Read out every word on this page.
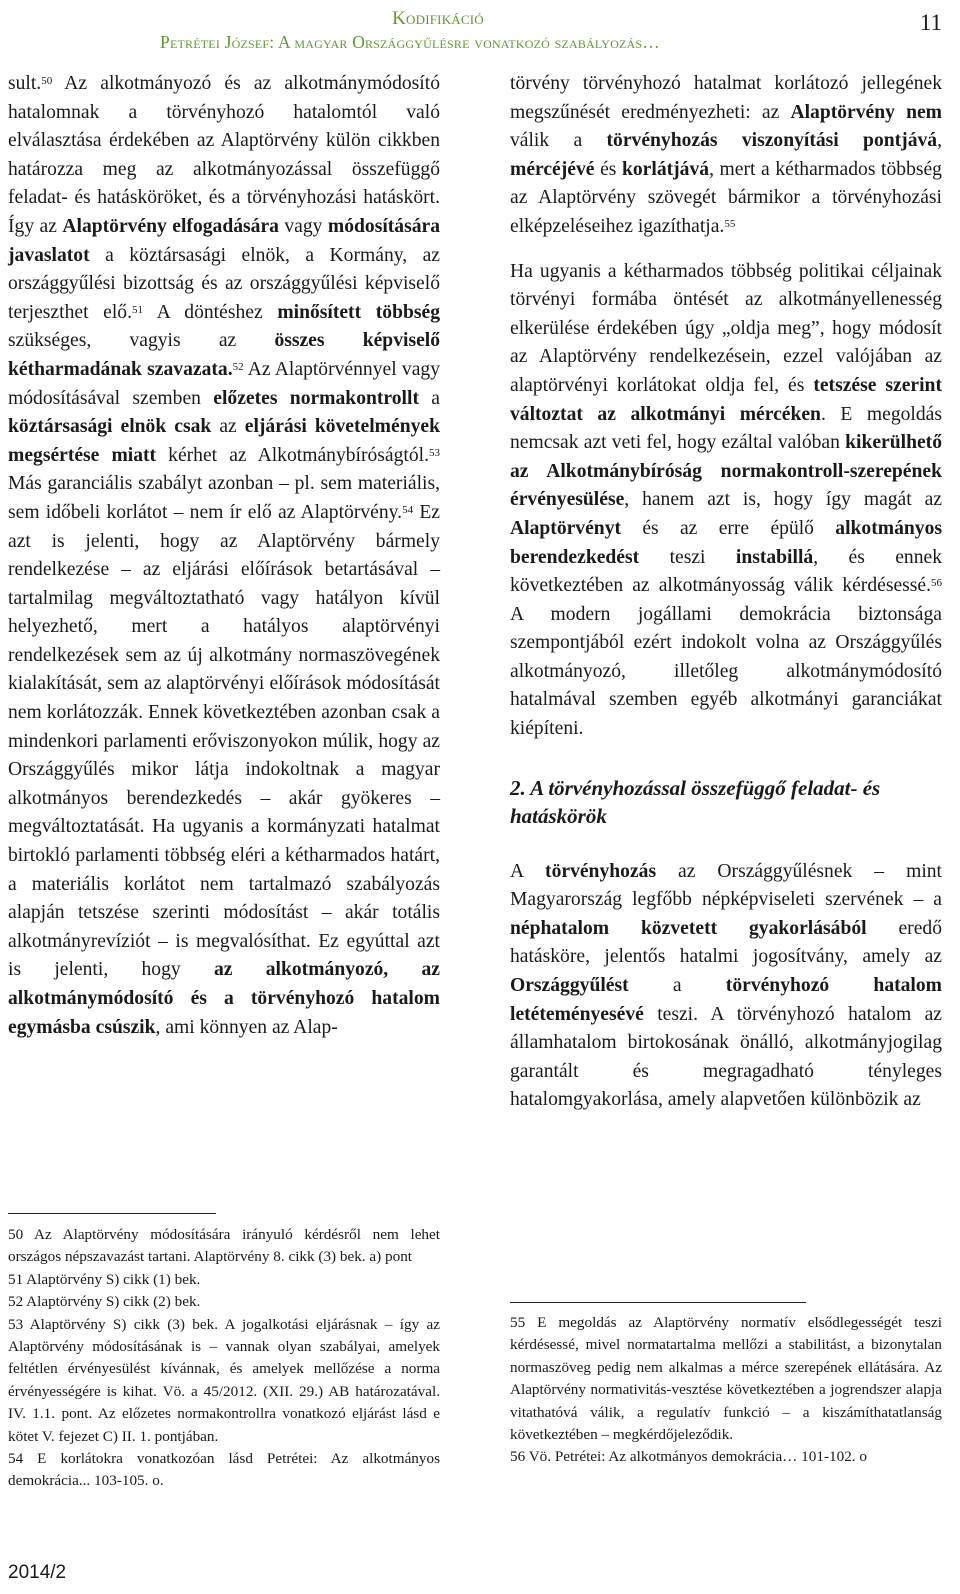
Kodifikáció
Petrétei József: A magyar Országgyűlésre vonatkozó szabályozás…
11

sult.$^{50}$ Az alkotmányozó és az alkotmánymódosító hatalomnak a törvényhozó hatalomtól való elválasztása érdekében az Alaptörvény külön cikkben határozza meg az alkotmányozással összefüggő feladat- és hatásköröket, és a törvényhozási hatáskört. Így az Alaptörvény elfogadására vagy módosítására javaslatot a köztársasági elnök, a Kormány, az országgyűlési bizottság és az országgyűlési képviselő terjeszthet elő.$^{51}$ A döntéshez minősített többség szükséges, vagyis az összes képviselő kétharmadának szavazata.$^{52}$ Az Alaptörvénnyel vagy módosításával szemben előzetes normakontrollt a köztársasági elnök csak az eljárási követelmények megsértése miatt kérhet az Alkotmánybíróságtól.$^{53}$ Más garanciális szabályt azonban – pl. sem materiális, sem időbeli korlátot – nem ír elő az Alaptörvény.$^{54}$ Ez azt is jelenti, hogy az Alaptörvény bármely rendelkezése – az eljárási előírások betartásával – tartalmilag megváltoztatható vagy hatályon kívül helyezhető, mert a hatályos alaptörvényi rendelkezések sem az új alkotmány normaszövegének kialakítását, sem az alaptörvényi előírások módosítását nem korlátozzák. Ennek következtében azonban csak a mindenkori parlamenti erőviszonyokon múlik, hogy az Országgyűlés mikor látja indokoltnak a magyar alkotmányos berendezkedés – akár gyökeres – megváltoztatását. Ha ugyanis a kormányzati hatalmat birtokló parlamenti többség eléri a kétharmados határt, a materiális korlátot nem tartalmazó szabályozás alapján tetszése szerinti módosítást – akár totális alkotmányrevíziót – is megvalósíthat. Ez egyúttal azt is jelenti, hogy az alkotmányozó, az alkotmánymódosító és a törvényhozó hatalom egymásba csúszik, ami könnyen az Alap-

törvény törvényhozó hatalmat korlátozó jellegének megszűnését eredményezheti: az Alaptörvény nem válik a törvényhozás viszonyítási pontjává, mércéjévé és korlátjává, mert a kétharmados többség az Alaptörvény szövegét bármikor a törvényhozási elképzeléseihez igazíthatja.$^{55}$

Ha ugyanis a kétharmados többség politikai céljainak törvényi formába öntését az alkotmányellenesség elkerülése érdekében úgy „oldja meg”, hogy módosít az Alaptörvény rendelkezésein, ezzel valójában az alaptörvényi korlátokat oldja fel, és tetszése szerint változtat az alkotmányi mércéken. E megoldás nemcsak azt veti fel, hogy ezáltal valóban kikerülhető az Alkotmánybíróság normakontroll-szerepének érvényesülése, hanem azt is, hogy így magát az Alaptörvényt és az erre épülő alkotmányos berendezkedést teszi instabillá, és ennek következtében az alkotmányosság válik kérdésessé.$^{56}$ A modern jogállami demokrácia biztonsága szempontjából ezért indokolt volna az Országgyűlés alkotmányozó, illetőleg alkotmánymódosító hatalmával szemben egyéb alkotmányi garanciákat kiépíteni.

2. A törvényhozással összefüggő feladat- és hatáskörök

A törvényhozás az Országgyűlésnek – mint Magyarország legfőbb népképviseleti szervének – a néphatalom közvetett gyakorlásából eredő hatásköre, jelentős hatalmi jogosítvány, amely az Országgyűlést a törvényhozó hatalom letéteményesévé teszi. A törvényhozó hatalom az államhatalom birtokosának önálló, alkotmányjogilag garantált és megragadható tényleges hatalomgyakorlása, amely alapvetően különbözik az

50 Az Alaptörvény módosítására irányuló kérdésről nem lehet országos népszavazást tartani. Alaptörvény 8. cikk (3) bek. a) pont

51 Alaptörvény S) cikk (1) bek.

52 Alaptörvény S) cikk (2) bek.

53 Alaptörvény S) cikk (3) bek. A jogalkotási eljárásnak – így az Alaptörvény módosításának is – vannak olyan szabályai, amelyek feltétlen érvényesülést kívánnak, és amelyek mellőzése a norma érvényességére is kihat. Vö. a 45/2012. (XII. 29.) AB határozatával. IV. 1.1. pont. Az előzetes normakontrollra vonatkozó eljárást lásd e kötet V. fejezet C) II. 1. pontjában.

54 E korlátokra vonatkozóan lásd Petrétei: Az alkotmányos demokrácia... 103-105. o.

55 E megoldás az Alaptörvény normatív elsődlegességét teszi kérdésessé, mivel normatartalma mellőzi a stabilitást, a bizonytalan normaszöveg pedig nem alkalmas a mérce szerepének ellátására. Az Alaptörvény normativitás-vesztése következtében a jogrendszer alapja vitathatóvá válik, a regulatív funkció – a kiszámíthatatlanság következtében – megkérdőjeleződik.

56 Vö. Petrétei: Az alkotmányos demokrácia… 101-102. o

2014/2
